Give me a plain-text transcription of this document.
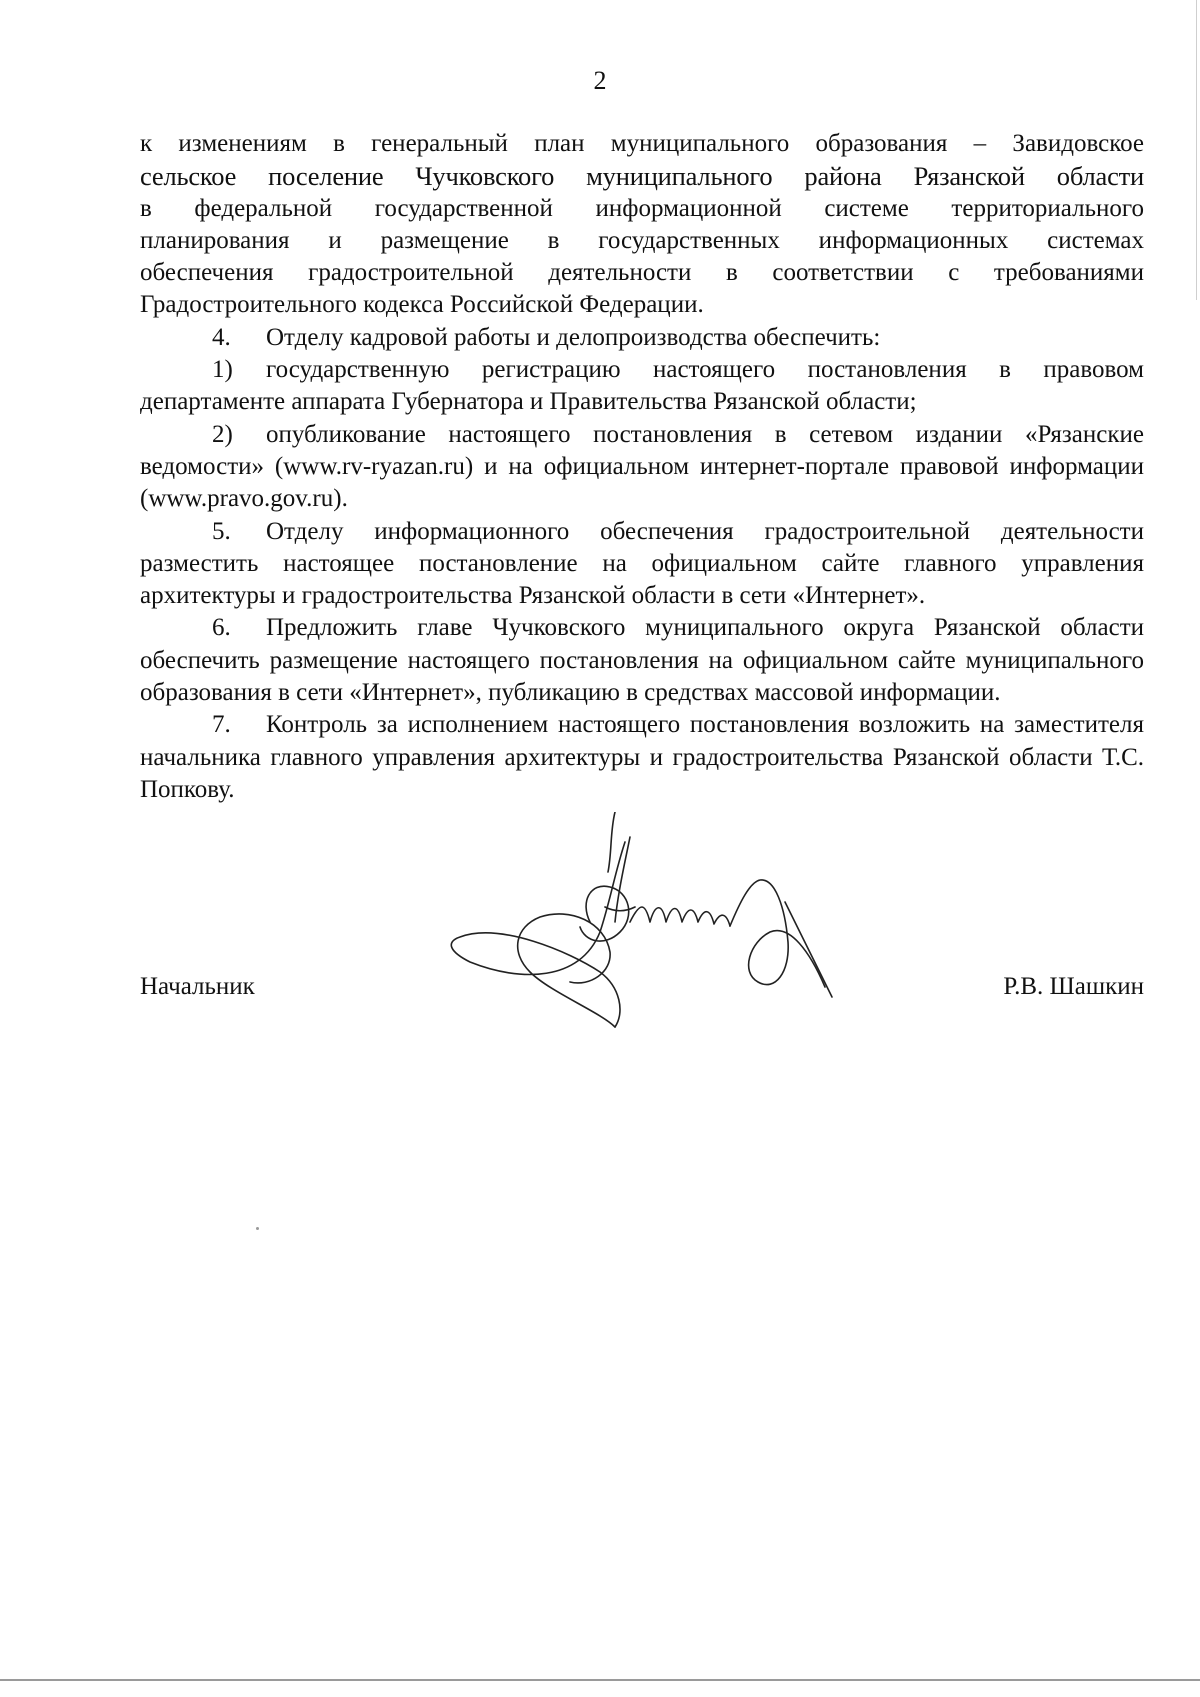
2
к изменениям в генеральный план муниципального образования – Завидовское
сельское поселение Чучковского муниципального района Рязанской области
в федеральной государственной информационной системе территориального
планирования и размещение в государственных информационных системах
обеспечения градостроительной деятельности в соответствии с требованиями
Градостроительного кодекса Российской Федерации.
4. Отделу кадровой работы и делопроизводства обеспечить:
1) государственную регистрацию настоящего постановления в правовом департаменте аппарата Губернатора и Правительства Рязанской области;
2) опубликование настоящего постановления в сетевом издании «Рязанские ведомости» (www.rv-ryazan.ru) и на официальном интернет-портале правовой информации (www.pravo.gov.ru).
5. Отделу информационного обеспечения градостроительной деятельности разместить настоящее постановление на официальном сайте главного управления архитектуры и градостроительства Рязанской области в сети «Интернет».
6. Предложить главе Чучковского муниципального округа Рязанской области обеспечить размещение настоящего постановления на официальном сайте муниципального образования в сети «Интернет», публикацию в средствах массовой информации.
7. Контроль за исполнением настоящего постановления возложить на заместителя начальника главного управления архитектуры и градостроительства Рязанской области Т.С. Попкову.
Начальник	Р.В. Шашкин
